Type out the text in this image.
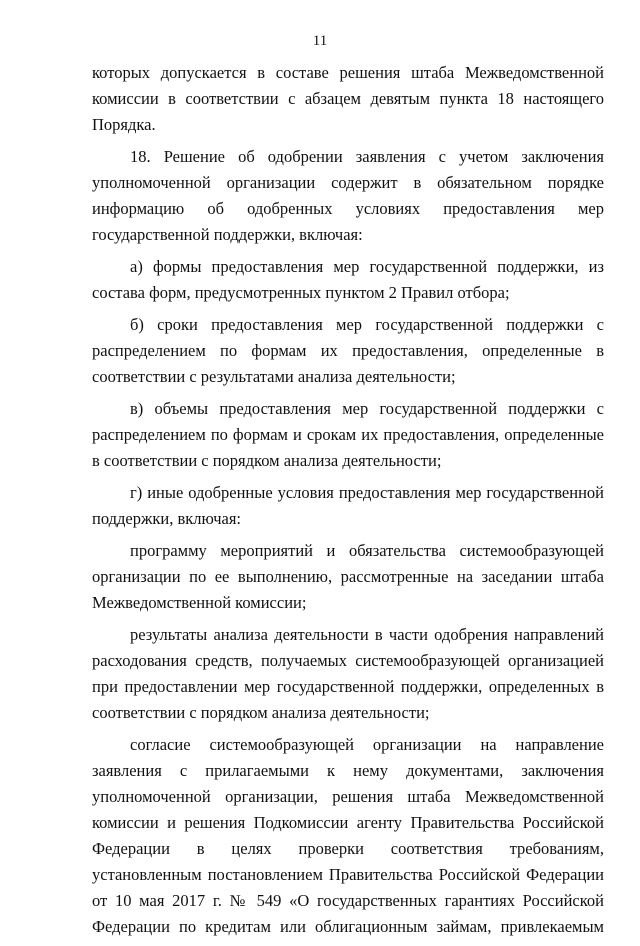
11

которых допускается в составе решения штаба Межведомственной комиссии в соответствии с абзацем девятым пункта 18 настоящего Порядка.

18. Решение об одобрении заявления с учетом заключения уполномоченной организации содержит в обязательном порядке информацию об одобренных условиях предоставления мер государственной поддержки, включая:

а) формы предоставления мер государственной поддержки, из состава форм, предусмотренных пунктом 2 Правил отбора;

б) сроки предоставления мер государственной поддержки с распределением по формам их предоставления, определенные в соответствии с результатами анализа деятельности;

в) объемы предоставления мер государственной поддержки с распределением по формам и срокам их предоставления, определенные в соответствии с порядком анализа деятельности;

г) иные одобренные условия предоставления мер государственной поддержки, включая:

программу мероприятий и обязательства системообразующей организации по ее выполнению, рассмотренные на заседании штаба Межведомственной комиссии;

результаты анализа деятельности в части одобрения направлений расходования средств, получаемых системообразующей организацией при предоставлении мер государственной поддержки, определенных в соответствии с порядком анализа деятельности;

согласие системообразующей организации на направление заявления с прилагаемыми к нему документами, заключения уполномоченной организации, решения штаба Межведомственной комиссии и решения Подкомиссии агенту Правительства Российской Федерации в целях проверки соответствия требованиям, установленным постановлением Правительства Российской Федерации от 10 мая 2017 г. № 549 «О государственных гарантиях Российской Федерации по кредитам или облигационным займам, привлекаемым
